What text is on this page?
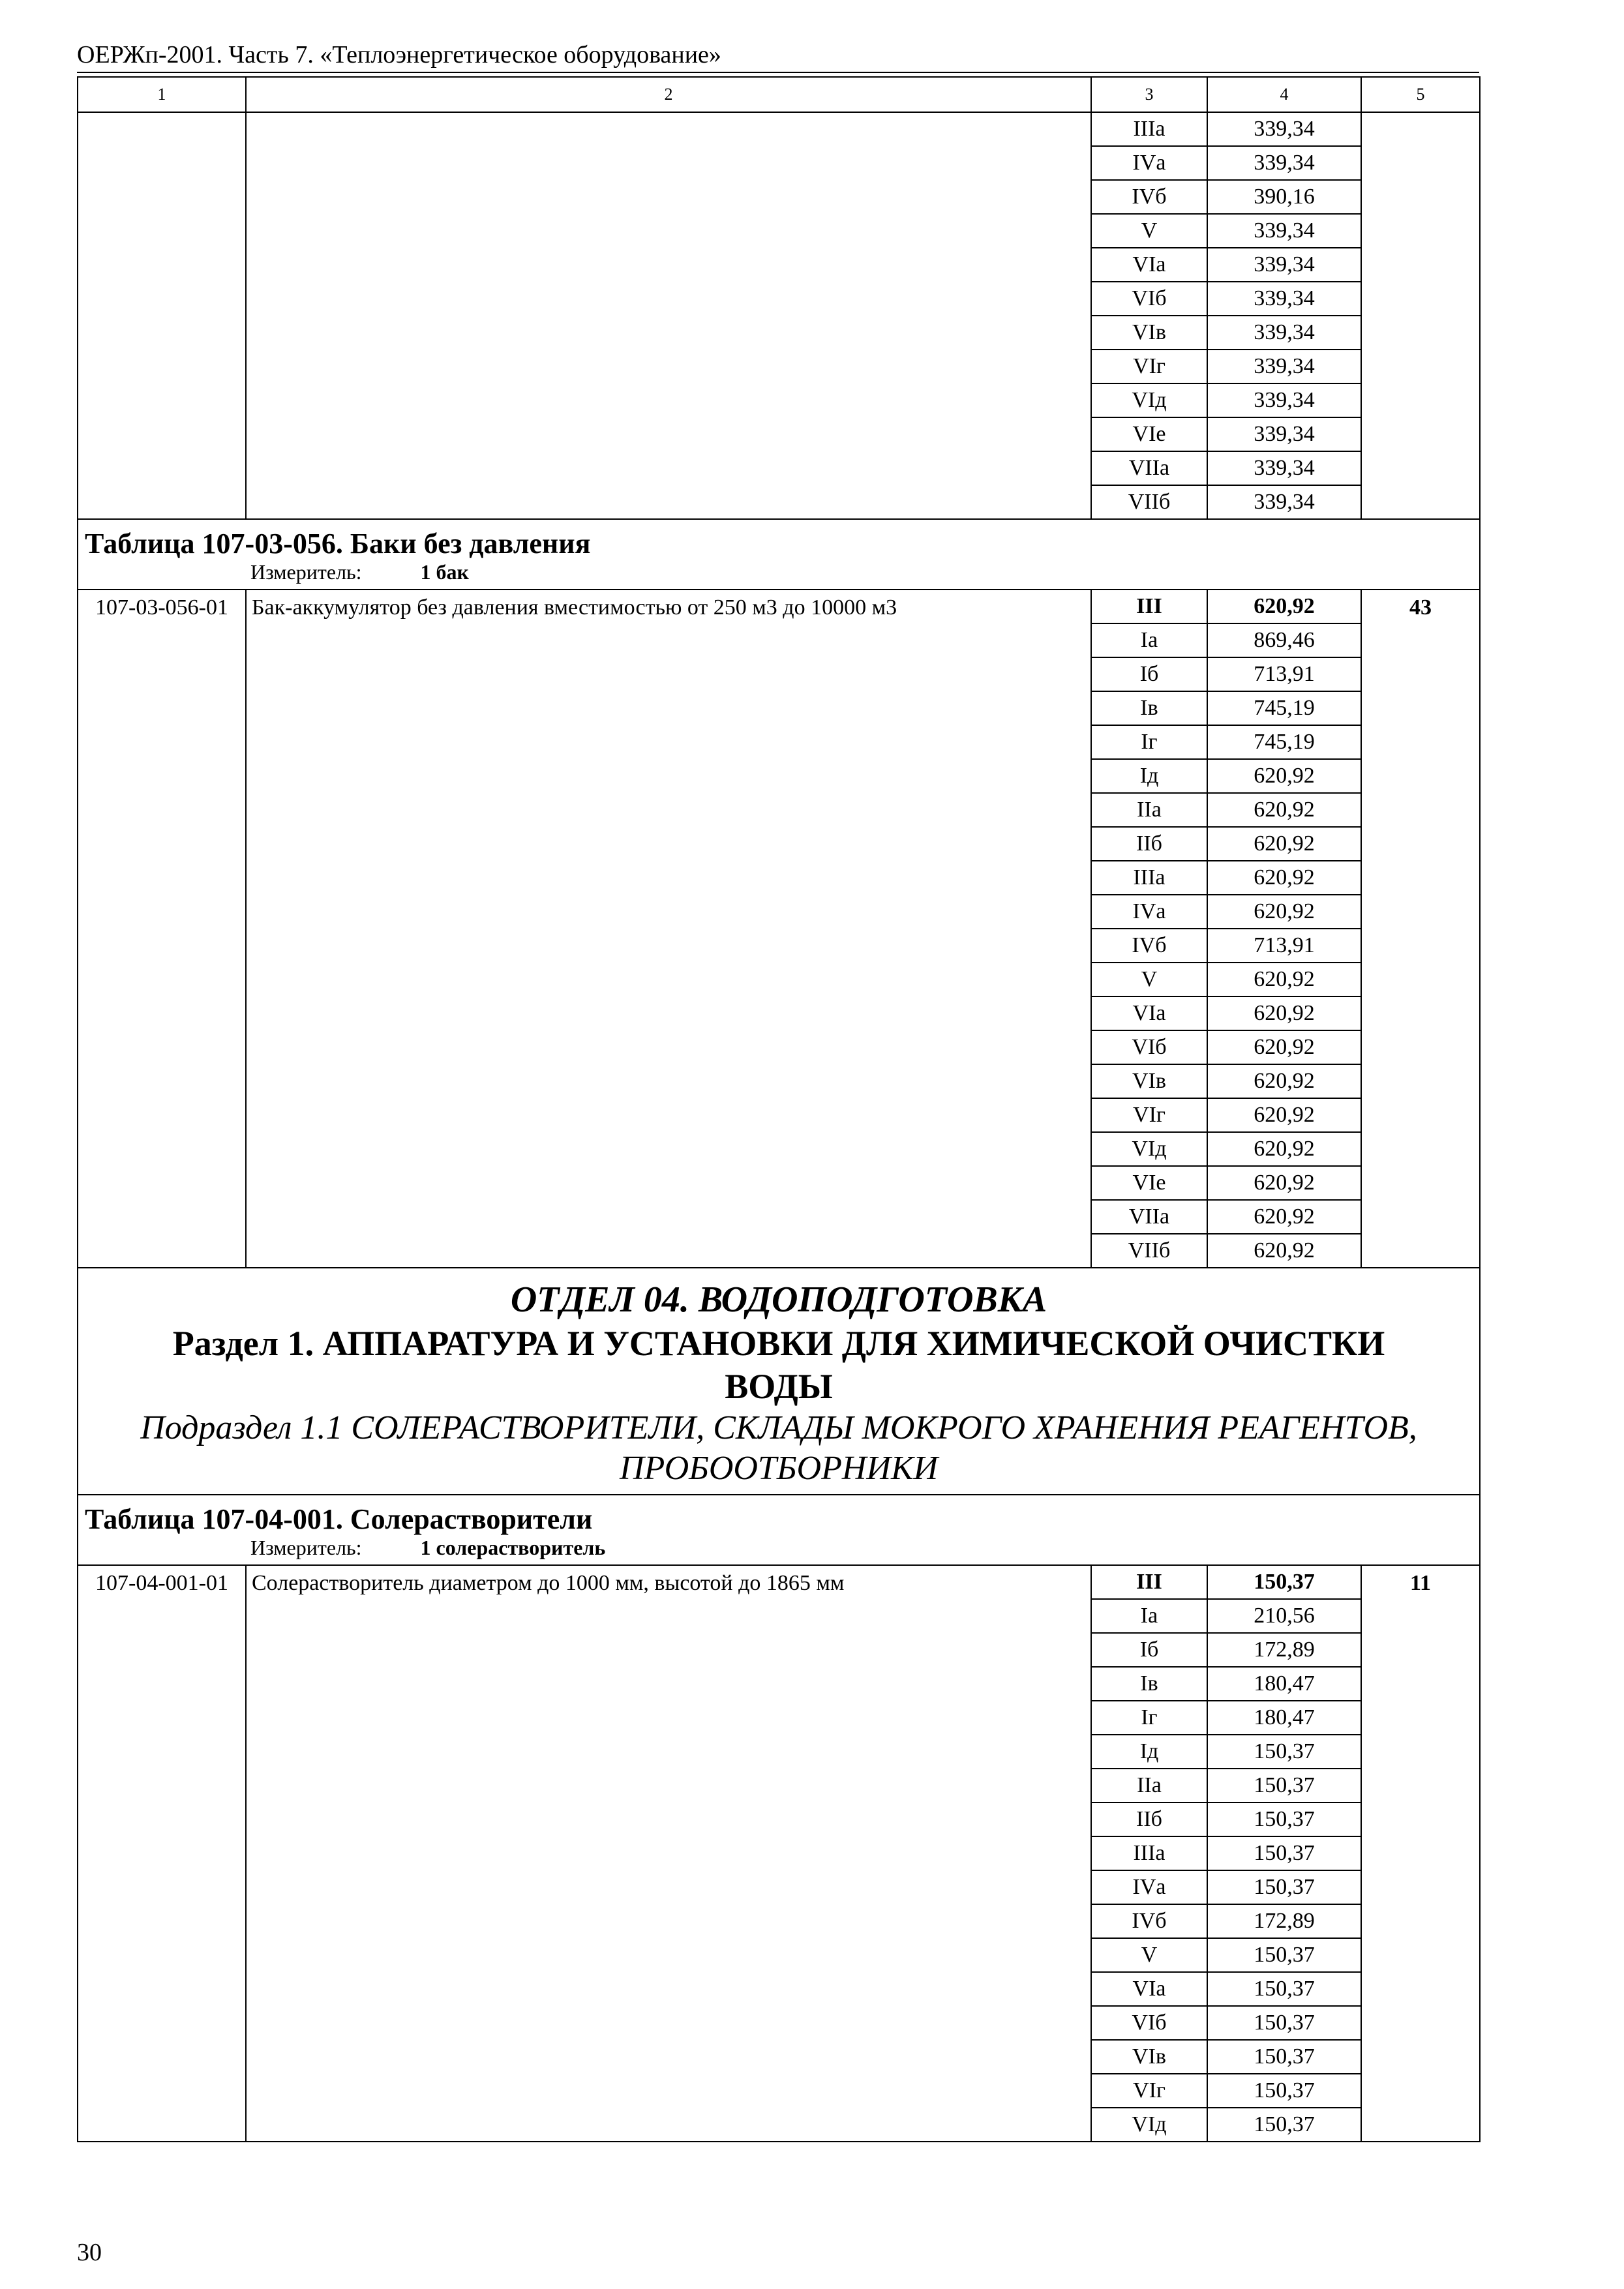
ОЕРЖп-2001. Часть 7. «Теплоэнергетическое оборудование»
1	2	3	4	5
		IIIа	339,34	
		IVа	339,34	
		IVб	390,16	
		V	339,34	
		VIа	339,34	
		VIб	339,34	
		VIв	339,34	
		VIг	339,34	
		VIд	339,34	
		VIе	339,34	
		VIIа	339,34	
		VIIб	339,34	
Таблица 107-03-056. Баки без давления				
Измеритель: 1 бак				
107-03-056-01	Бак-аккумулятор без давления вместимостью от 250 м3 до 10000 м3	III	620,92	43
		Iа	869,46	
		Iб	713,91	
		Iв	745,19	
		Iг	745,19	
		Iд	620,92	
		IIа	620,92	
		IIб	620,92	
		IIIа	620,92	
		IVа	620,92	
		IVб	713,91	
		V	620,92	
		VIа	620,92	
		VIб	620,92	
		VIв	620,92	
		VIг	620,92	
		VIд	620,92	
		VIе	620,92	
		VIIа	620,92	
		VIIб	620,92	

ОТДЕЛ 04. ВОДОПОДГОТОВКА
Раздел 1. АППАРАТУРА И УСТАНОВКИ ДЛЯ ХИМИЧЕСКОЙ ОЧИСТКИ
ВОДЫ
Подраздел 1.1 СОЛЕРАСТВОРИТЕЛИ, СКЛАДЫ МОКРОГО ХРАНЕНИЯ РЕАГЕНТОВ,
ПРОБООТБОРНИКИ				

Таблица 107-04-001. Солерастворители				
Измеритель: 1 солерастворитель				
107-04-001-01	Солерастворитель диаметром до 1000 мм, высотой до 1865 мм	III	150,37	11
		Iа	210,56	
		Iб	172,89	
		Iв	180,47	
		Iг	180,47	
		Iд	150,37	
		IIа	150,37	
		IIб	150,37	
		IIIа	150,37	
		IVа	150,37	
		IVб	172,89	
		V	150,37	
		VIа	150,37	
		VIб	150,37	
		VIв	150,37	
		VIг	150,37	
		VIд	150,37	
30
